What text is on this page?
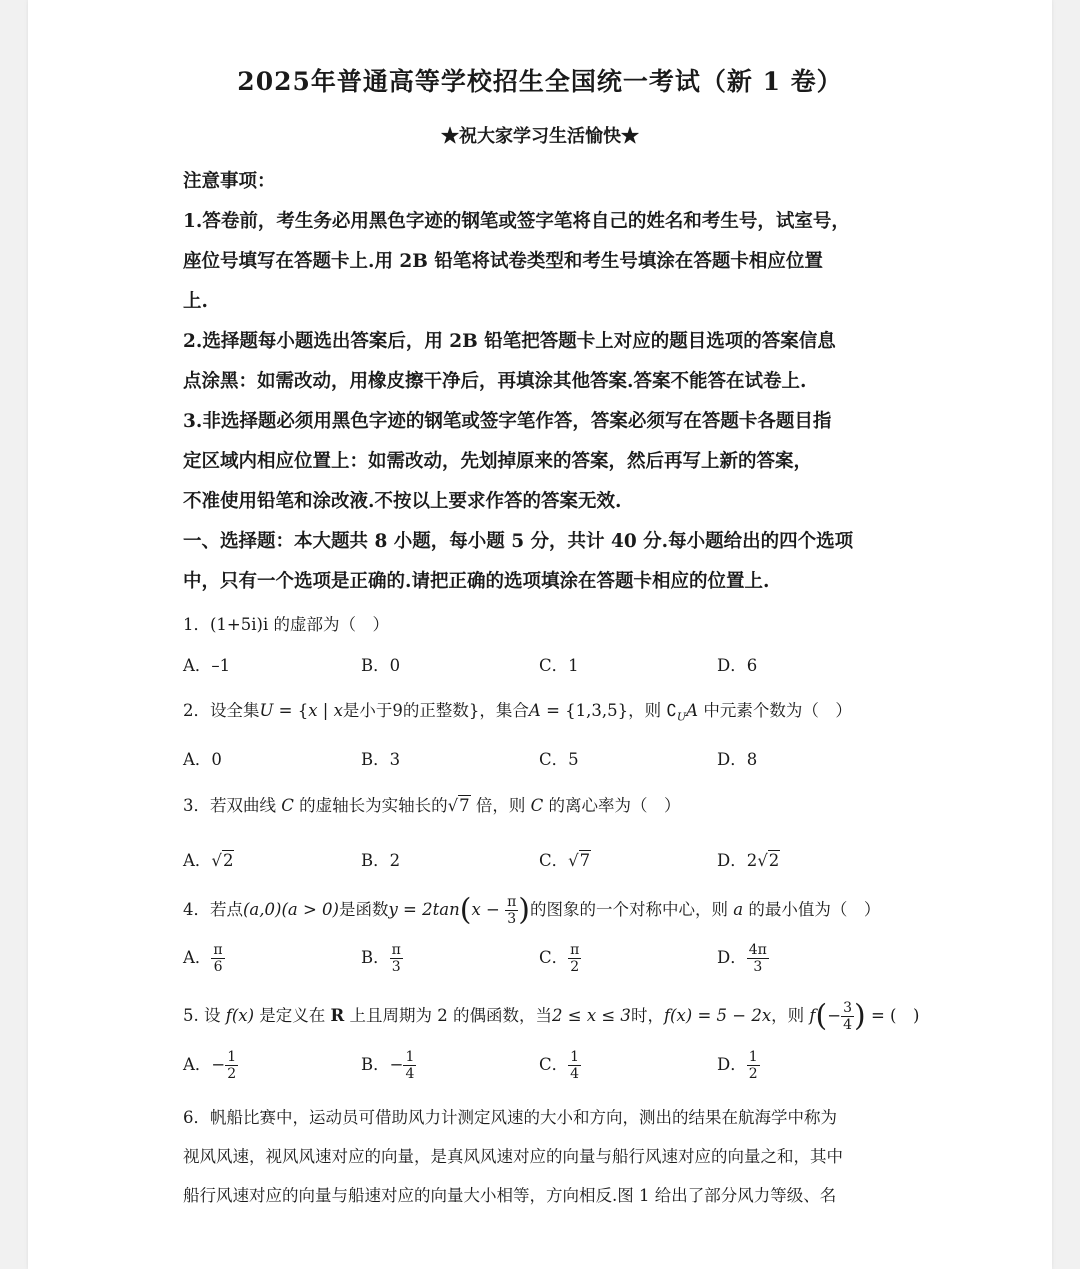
2025年普通高等学校招生全国统一考试（新 1 卷）
★祝大家学习生活愉快★
注意事项：
1.答卷前，考生务必用黑色字迹的钢笔或签字笔将自己的姓名和考生号，试室号，
座位号填写在答题卡上.用 2B 铅笔将试卷类型和考生号填涂在答题卡相应位置
上.
2.选择题每小题选出答案后，用 2B 铅笔把答题卡上对应的题目选项的答案信息
点涂黑：如需改动，用橡皮擦干净后，再填涂其他答案.答案不能答在试卷上.
3.非选择题必须用黑色字迹的钢笔或签字笔作答，答案必须写在答题卡各题目指
定区域内相应位置上：如需改动，先划掉原来的答案，然后再写上新的答案，
不准使用铅笔和涂改液.不按以上要求作答的答案无效.
一、选择题：本大题共 8 小题，每小题 5 分，共计 40 分.每小题给出的四个选项
中，只有一个选项是正确的.请把正确的选项填涂在答题卡相应的位置上.
1．(1+5i)i 的虚部为（　）
A．–1	B．0	C．1	D．6
2．设全集U = {x | x是小于9的正整数}，集合A = {1,3,5}，则 $∁_UA$ 中元素个数为（　）
A．0	B．3	C．5	D．8
3．若双曲线 C 的虚轴长为实轴长的√7 倍，则 C 的离心率为（　）
A．√2	B．2	C．√7	D．2√2
4．若点(a,0)(a > 0)是函数$y = 2\tan(x - \frac{\pi}{3}$ )的图象的一个对称中心，则 a 的最小值为（　）
A． $\frac{\pi}{6}$	B． $\frac{\pi}{3}$	C． $\frac{\pi}{2}$	D． $\frac{4\pi}{3}$
5. 设 f(x) 是定义在 R 上且周期为 2 的偶函数，当2 ≤ x ≤ 3时，f(x) = 5 − 2x，则 $f(- \frac{3}{4}$ ) = (　)
A．− $\frac{1}{2}$	B．− $\frac{1}{4}$	C． $\frac{1}{4}$	D． $\frac{1}{2}$
6．帆船比赛中，运动员可借助风力计测定风速的大小和方向，测出的结果在航海学中称为
视风风速，视风风速对应的向量，是真风风速对应的向量与船行风速对应的向量之和，其中
船行风速对应的向量与船速对应的向量大小相等，方向相反.图 1 给出了部分风力等级、名
